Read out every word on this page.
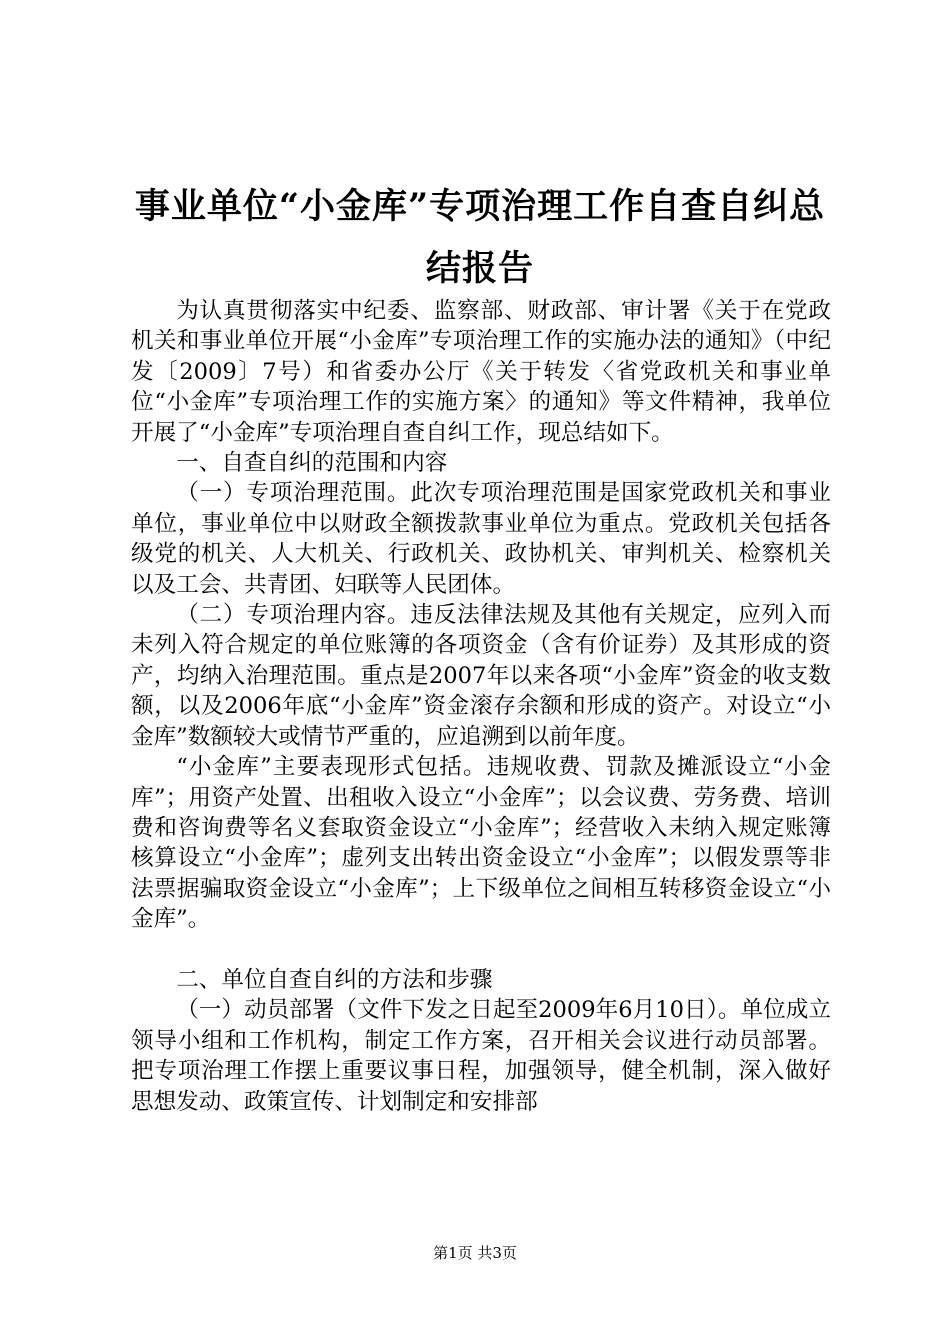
事业单位“小金库”专项治理工作自查自纠总结报告

为认真贯彻落实中纪委、监察部、财政部、审计署《关于在党政机关和事业单位开展“小金库”专项治理工作的实施办法的通知》（中纪发〔2009〕7号）和省委办公厅《关于转发〈省党政机关和事业单位“小金库”专项治理工作的实施方案〉的通知》等文件精神，我单位开展了“小金库”专项治理自查自纠工作，现总结如下。

一、自查自纠的范围和内容

（一）专项治理范围。此次专项治理范围是国家党政机关和事业单位，事业单位中以财政全额拨款事业单位为重点。党政机关包括各级党的机关、人大机关、行政机关、政协机关、审判机关、检察机关以及工会、共青团、妇联等人民团体。

（二）专项治理内容。违反法律法规及其他有关规定，应列入而未列入符合规定的单位账簿的各项资金（含有价证券）及其形成的资产，均纳入治理范围。重点是2007年以来各项“小金库”资金的收支数额，以及2006年底“小金库”资金滚存余额和形成的资产。对设立“小金库”数额较大或情节严重的，应追溯到以前年度。

“小金库”主要表现形式包括。违规收费、罚款及摊派设立“小金库”；用资产处置、出租收入设立“小金库”；以会议费、劳务费、培训费和咨询费等名义套取资金设立“小金库”；经营收入未纳入规定账簿核算设立“小金库”；虚列支出转出资金设立“小金库”；以假发票等非法票据骗取资金设立“小金库”；上下级单位之间相互转移资金设立“小金库”。

二、单位自查自纠的方法和步骤

（一）动员部署（文件下发之日起至2009年6月10日）。单位成立领导小组和工作机构，制定工作方案，召开相关会议进行动员部署。把专项治理工作摆上重要议事日程，加强领导，健全机制，深入做好思想发动、政策宣传、计划制定和安排部

第1页 共3页
